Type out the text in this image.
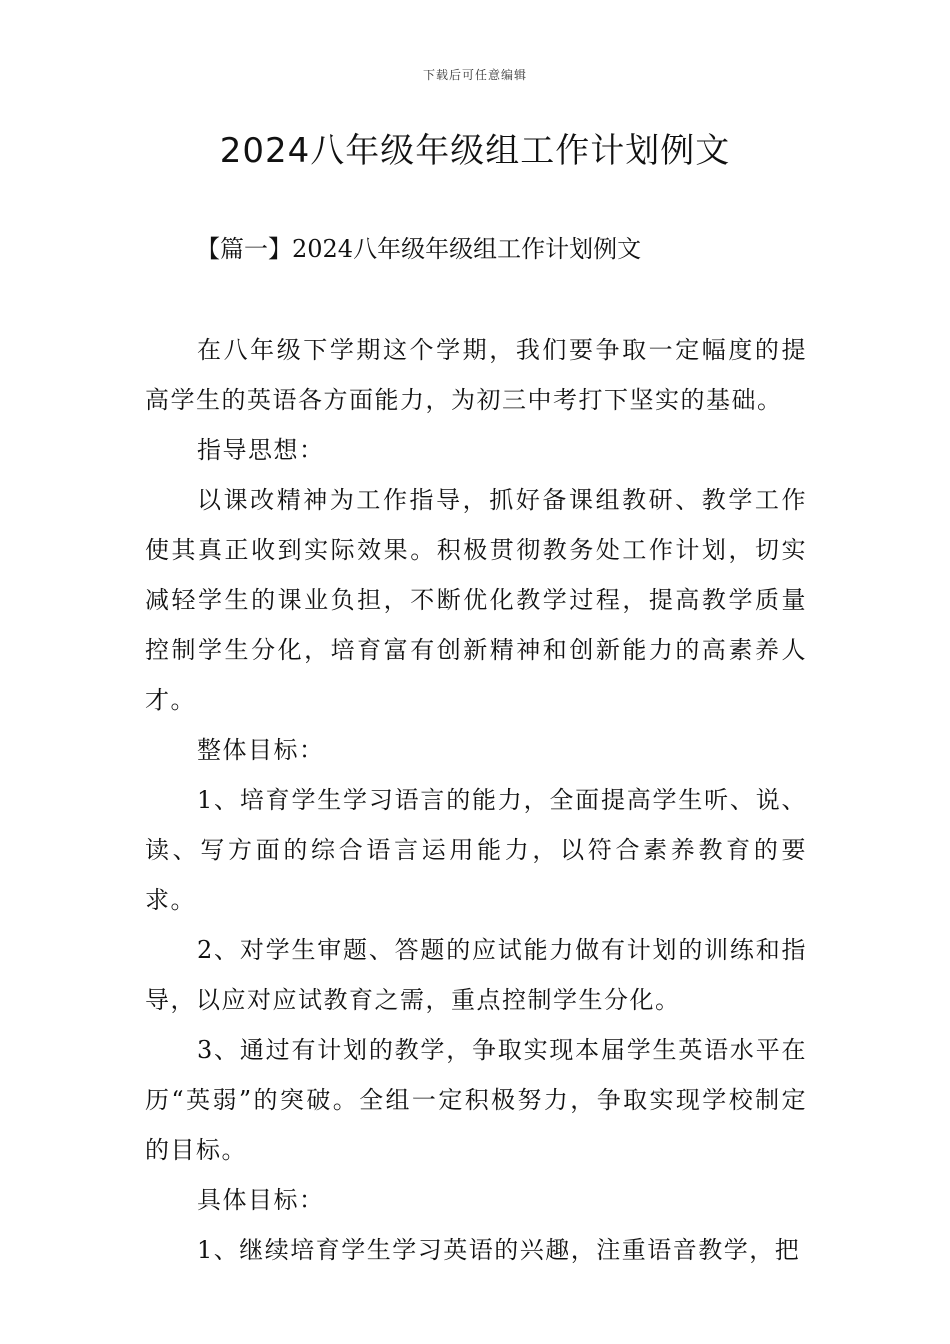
下载后可任意编辑
2024八年级年级组工作计划例文
【篇一】2024八年级年级组工作计划例文

在八年级下学期这个学期，我们要争取一定幅度的提高学生的英语各方面能力，为初三中考打下坚实的基础。

指导思想：

以课改精神为工作指导，抓好备课组教研、教学工作使其真正收到实际效果。积极贯彻教务处工作计划，切实减轻学生的课业负担，不断优化教学过程，提高教学质量控制学生分化，培育富有创新精神和创新能力的高素养人才。

整体目标：

1、培育学生学习语言的能力，全面提高学生听、说、读、写方面的综合语言运用能力，以符合素养教育的要求。

2、对学生审题、答题的应试能力做有计划的训练和指导，以应对应试教育之需，重点控制学生分化。

3、通过有计划的教学，争取实现本届学生英语水平在历“英弱”的突破。全组一定积极努力，争取实现学校制定的目标。

具体目标：

1、继续培育学生学习英语的兴趣，注重语音教学，把
